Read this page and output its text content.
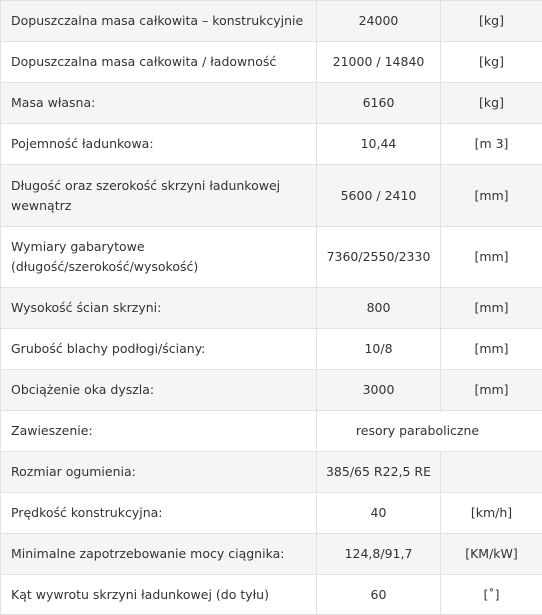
Dopuszczalna masa całkowita – konstrukcyjnie	24000	[kg]
Dopuszczalna masa całkowita / ładowność	21000 / 14840	[kg]
Masa własna:	6160	[kg]
Pojemność ładunkowa:	10,44	[m 3]
Długość oraz szerokość skrzyni ładunkowej wewnątrz	5600 / 2410	[mm]
Wymiary gabarytowe (długość/szerokość/wysokość)	7360/2550/2330	[mm]
Wysokość ścian skrzyni:	800	[mm]
Grubość blachy podłogi/ściany:	10/8	[mm]
Obciążenie oka dyszla:	3000	[mm]
Zawieszenie:	resory paraboliczne	
Rozmiar ogumienia:	385/65 R22,5 RE	
Prędkość konstrukcyjna:	40	[km/h]
Minimalne zapotrzebowanie mocy ciągnika:	124,8/91,7	[KM/kW]
Kąt wywrotu skrzyni ładunkowej (do tyłu)	60	[˚]
